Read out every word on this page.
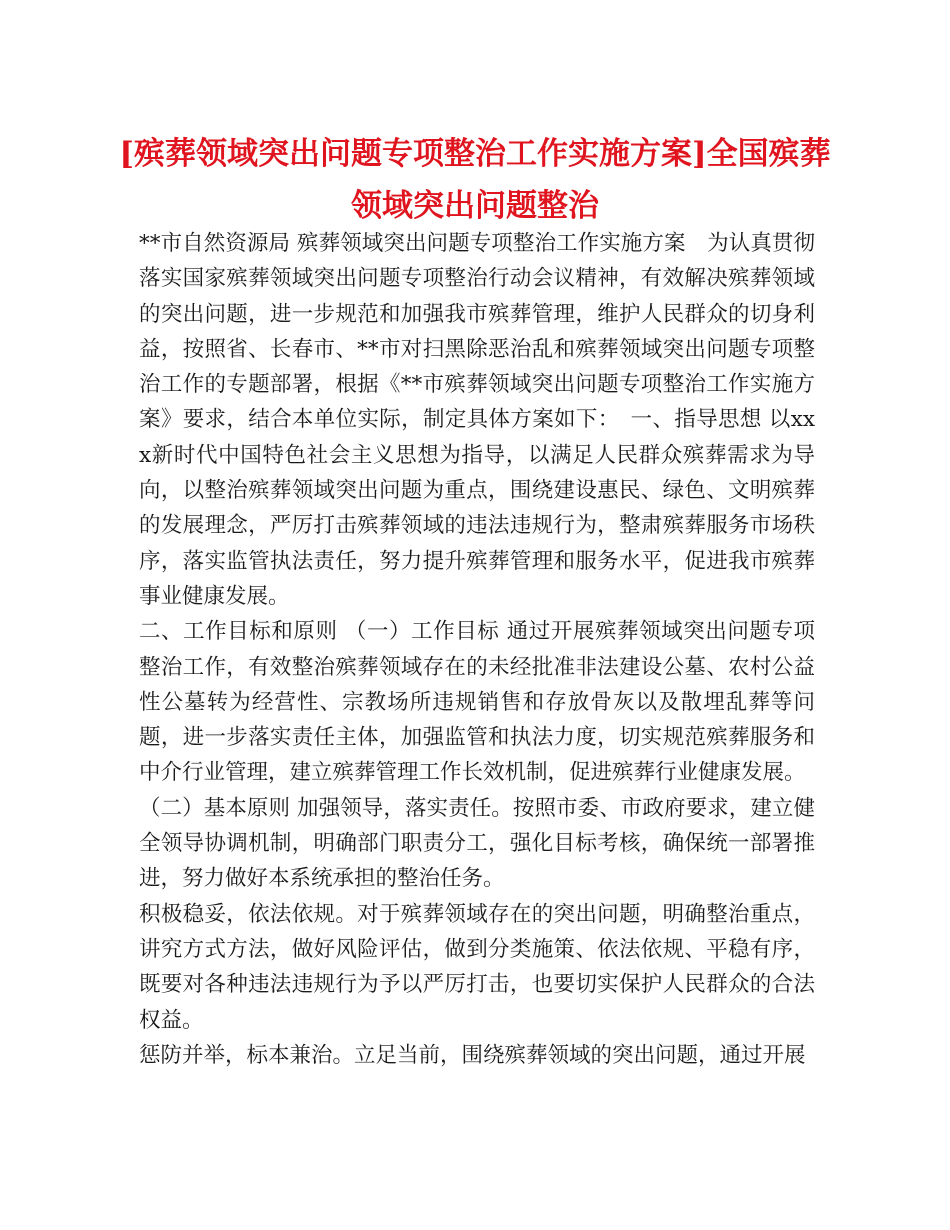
[殡葬领域突出问题专项整治工作实施方案]全国殡葬
领域突出问题整治

**市自然资源局 殡葬领域突出问题专项整治工作实施方案　为认真贯彻落实国家殡葬领域突出问题专项整治行动会议精神，有效解决殡葬领域的突出问题，进一步规范和加强我市殡葬管理，维护人民群众的切身利益，按照省、长春市、**市对扫黑除恶治乱和殡葬领域突出问题专项整治工作的专题部署，根据《**市殡葬领域突出问题专项整治工作实施方案》要求，结合本单位实际，制定具体方案如下：　一、指导思想 以xxx新时代中国特色社会主义思想为指导，以满足人民群众殡葬需求为导向，以整治殡葬领域突出问题为重点，围绕建设惠民、绿色、文明殡葬的发展理念，严厉打击殡葬领域的违法违规行为，整肃殡葬服务市场秩序，落实监管执法责任，努力提升殡葬管理和服务水平，促进我市殡葬事业健康发展。

二、工作目标和原则 （一）工作目标 通过开展殡葬领域突出问题专项整治工作，有效整治殡葬领域存在的未经批准非法建设公墓、农村公益性公墓转为经营性、宗教场所违规销售和存放骨灰以及散埋乱葬等问题，进一步落实责任主体，加强监管和执法力度，切实规范殡葬服务和中介行业管理，建立殡葬管理工作长效机制，促进殡葬行业健康发展。

（二）基本原则 加强领导，落实责任。按照市委、市政府要求，建立健全领导协调机制，明确部门职责分工，强化目标考核，确保统一部署推进，努力做好本系统承担的整治任务。

积极稳妥，依法依规。对于殡葬领域存在的突出问题，明确整治重点，讲究方式方法，做好风险评估，做到分类施策、依法依规、平稳有序，既要对各种违法违规行为予以严厉打击，也要切实保护人民群众的合法权益。

惩防并举，标本兼治。立足当前，围绕殡葬领域的突出问题，通过开展
